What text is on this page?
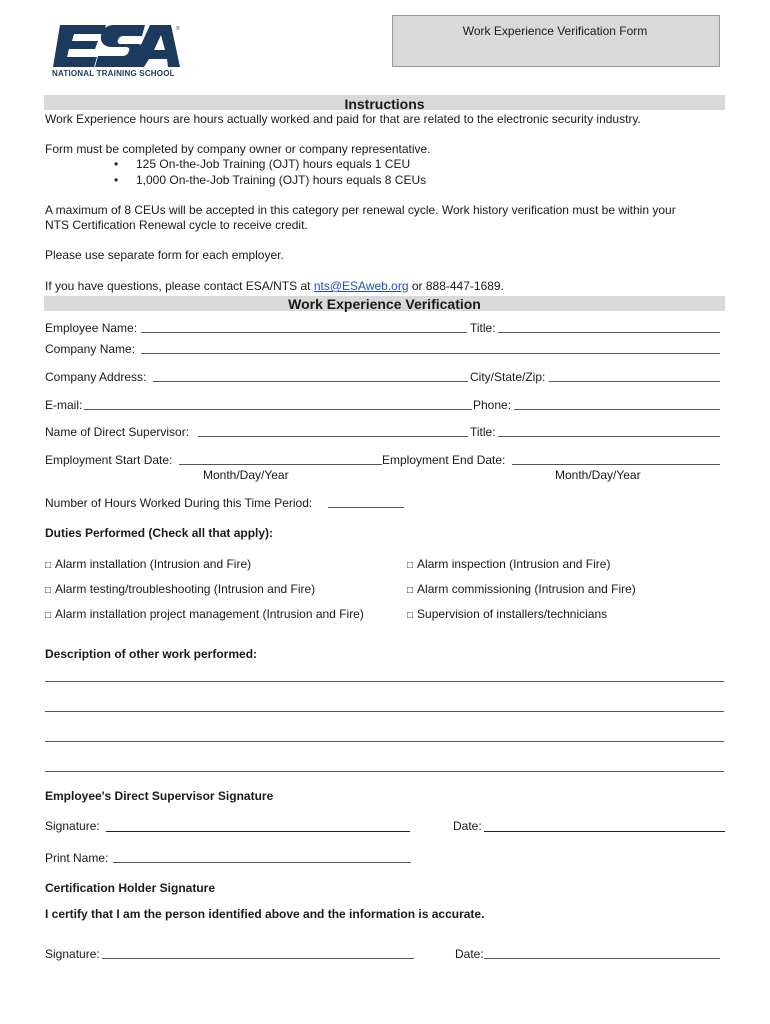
®
NATIONAL TRAINING SCHOOL
Work Experience Verification Form
Instructions
Work Experience hours are hours actually worked and paid for that are related to the electronic security industry.
Form must be completed by company owner or company representative.
• 125 On-the-Job Training (OJT) hours equals 1 CEU
• 1,000 On-the-Job Training (OJT) hours equals 8 CEUs
A maximum of 8 CEUs will be accepted in this category per renewal cycle. Work history verification must be within your
NTS Certification Renewal cycle to receive credit.
Please use separate form for each employer.
If you have questions, please contact ESA/NTS at nts@ESAweb.org or 888-447-1689.
Work Experience Verification
Employee Name:	Title:
Company Name:
Company Address:	City/State/Zip:
E-mail:	Phone:
Name of Direct Supervisor:	Title:
Employment Start Date:	Employment End Date:
Month/Day/Year	Month/Day/Year
Number of Hours Worked During this Time Period:
Duties Performed (Check all that apply):
□ Alarm installation (Intrusion and Fire)	□ Alarm inspection (Intrusion and Fire)
□ Alarm testing/troubleshooting (Intrusion and Fire)	□ Alarm commissioning (Intrusion and Fire)
□ Alarm installation project management (Intrusion and Fire)	□ Supervision of installers/technicians
Description of other work performed:
Employee's Direct Supervisor Signature
Signature:	Date:
Print Name:
Certification Holder Signature
I certify that I am the person identified above and the information is accurate.
Signature:	Date:
